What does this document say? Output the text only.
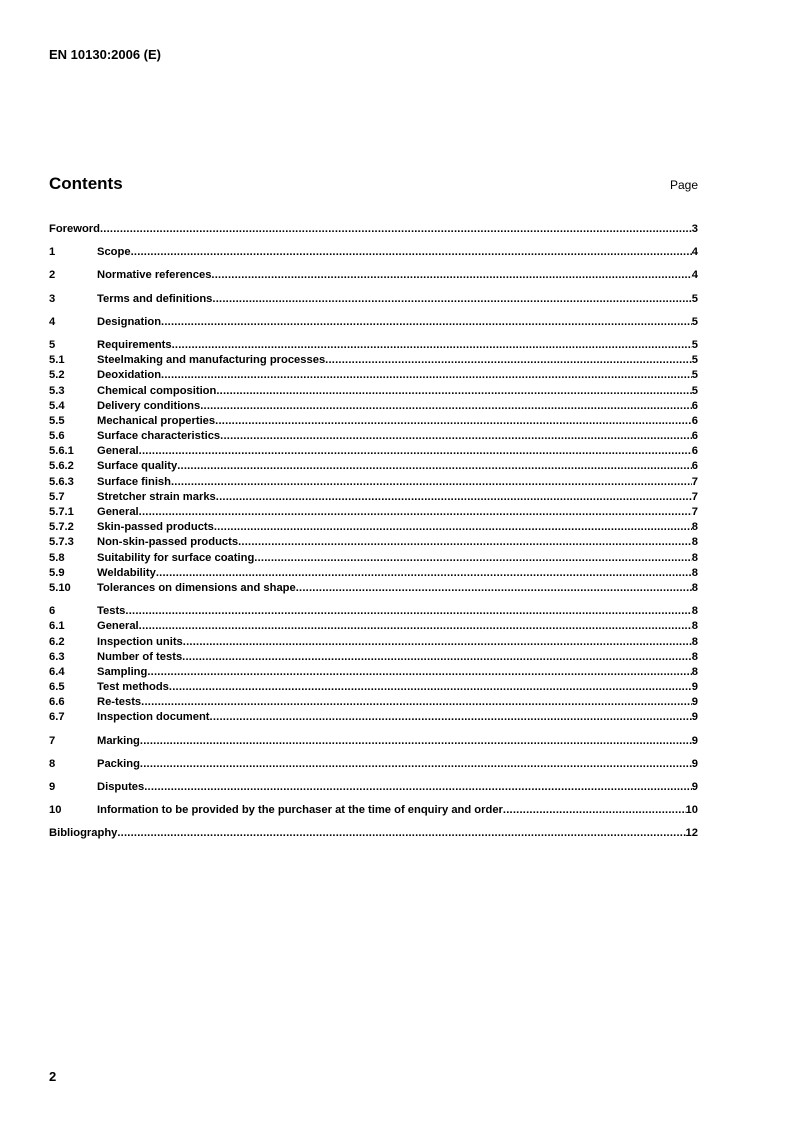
EN 10130:2006 (E)
Contents	Page
Foreword .....	3
1	Scope .....	4
2	Normative references .....	4
3	Terms and definitions .....	5
4	Designation .....	5
5	Requirements .....	5
5.1	Steelmaking and manufacturing processes .....	5
5.2	Deoxidation .....	5
5.3	Chemical composition .....	5
5.4	Delivery conditions .....	6
5.5	Mechanical properties .....	6
5.6	Surface characteristics .....	6
5.6.1	General .....	6
5.6.2	Surface quality .....	6
5.6.3	Surface finish .....	7
5.7	Stretcher strain marks .....	7
5.7.1	General .....	7
5.7.2	Skin-passed products .....	8
5.7.3	Non-skin-passed products .....	8
5.8	Suitability for surface coating .....	8
5.9	Weldability .....	8
5.10	Tolerances on dimensions and shape .....	8
6	Tests .....	8
6.1	General .....	8
6.2	Inspection units .....	8
6.3	Number of tests .....	8
6.4	Sampling .....	8
6.5	Test methods .....	9
6.6	Re-tests .....	9
6.7	Inspection document .....	9
7	Marking .....	9
8	Packing .....	9
9	Disputes .....	9
10	Information to be provided by the purchaser at the time of enquiry and order .....	10
Bibliography .....	12
2
